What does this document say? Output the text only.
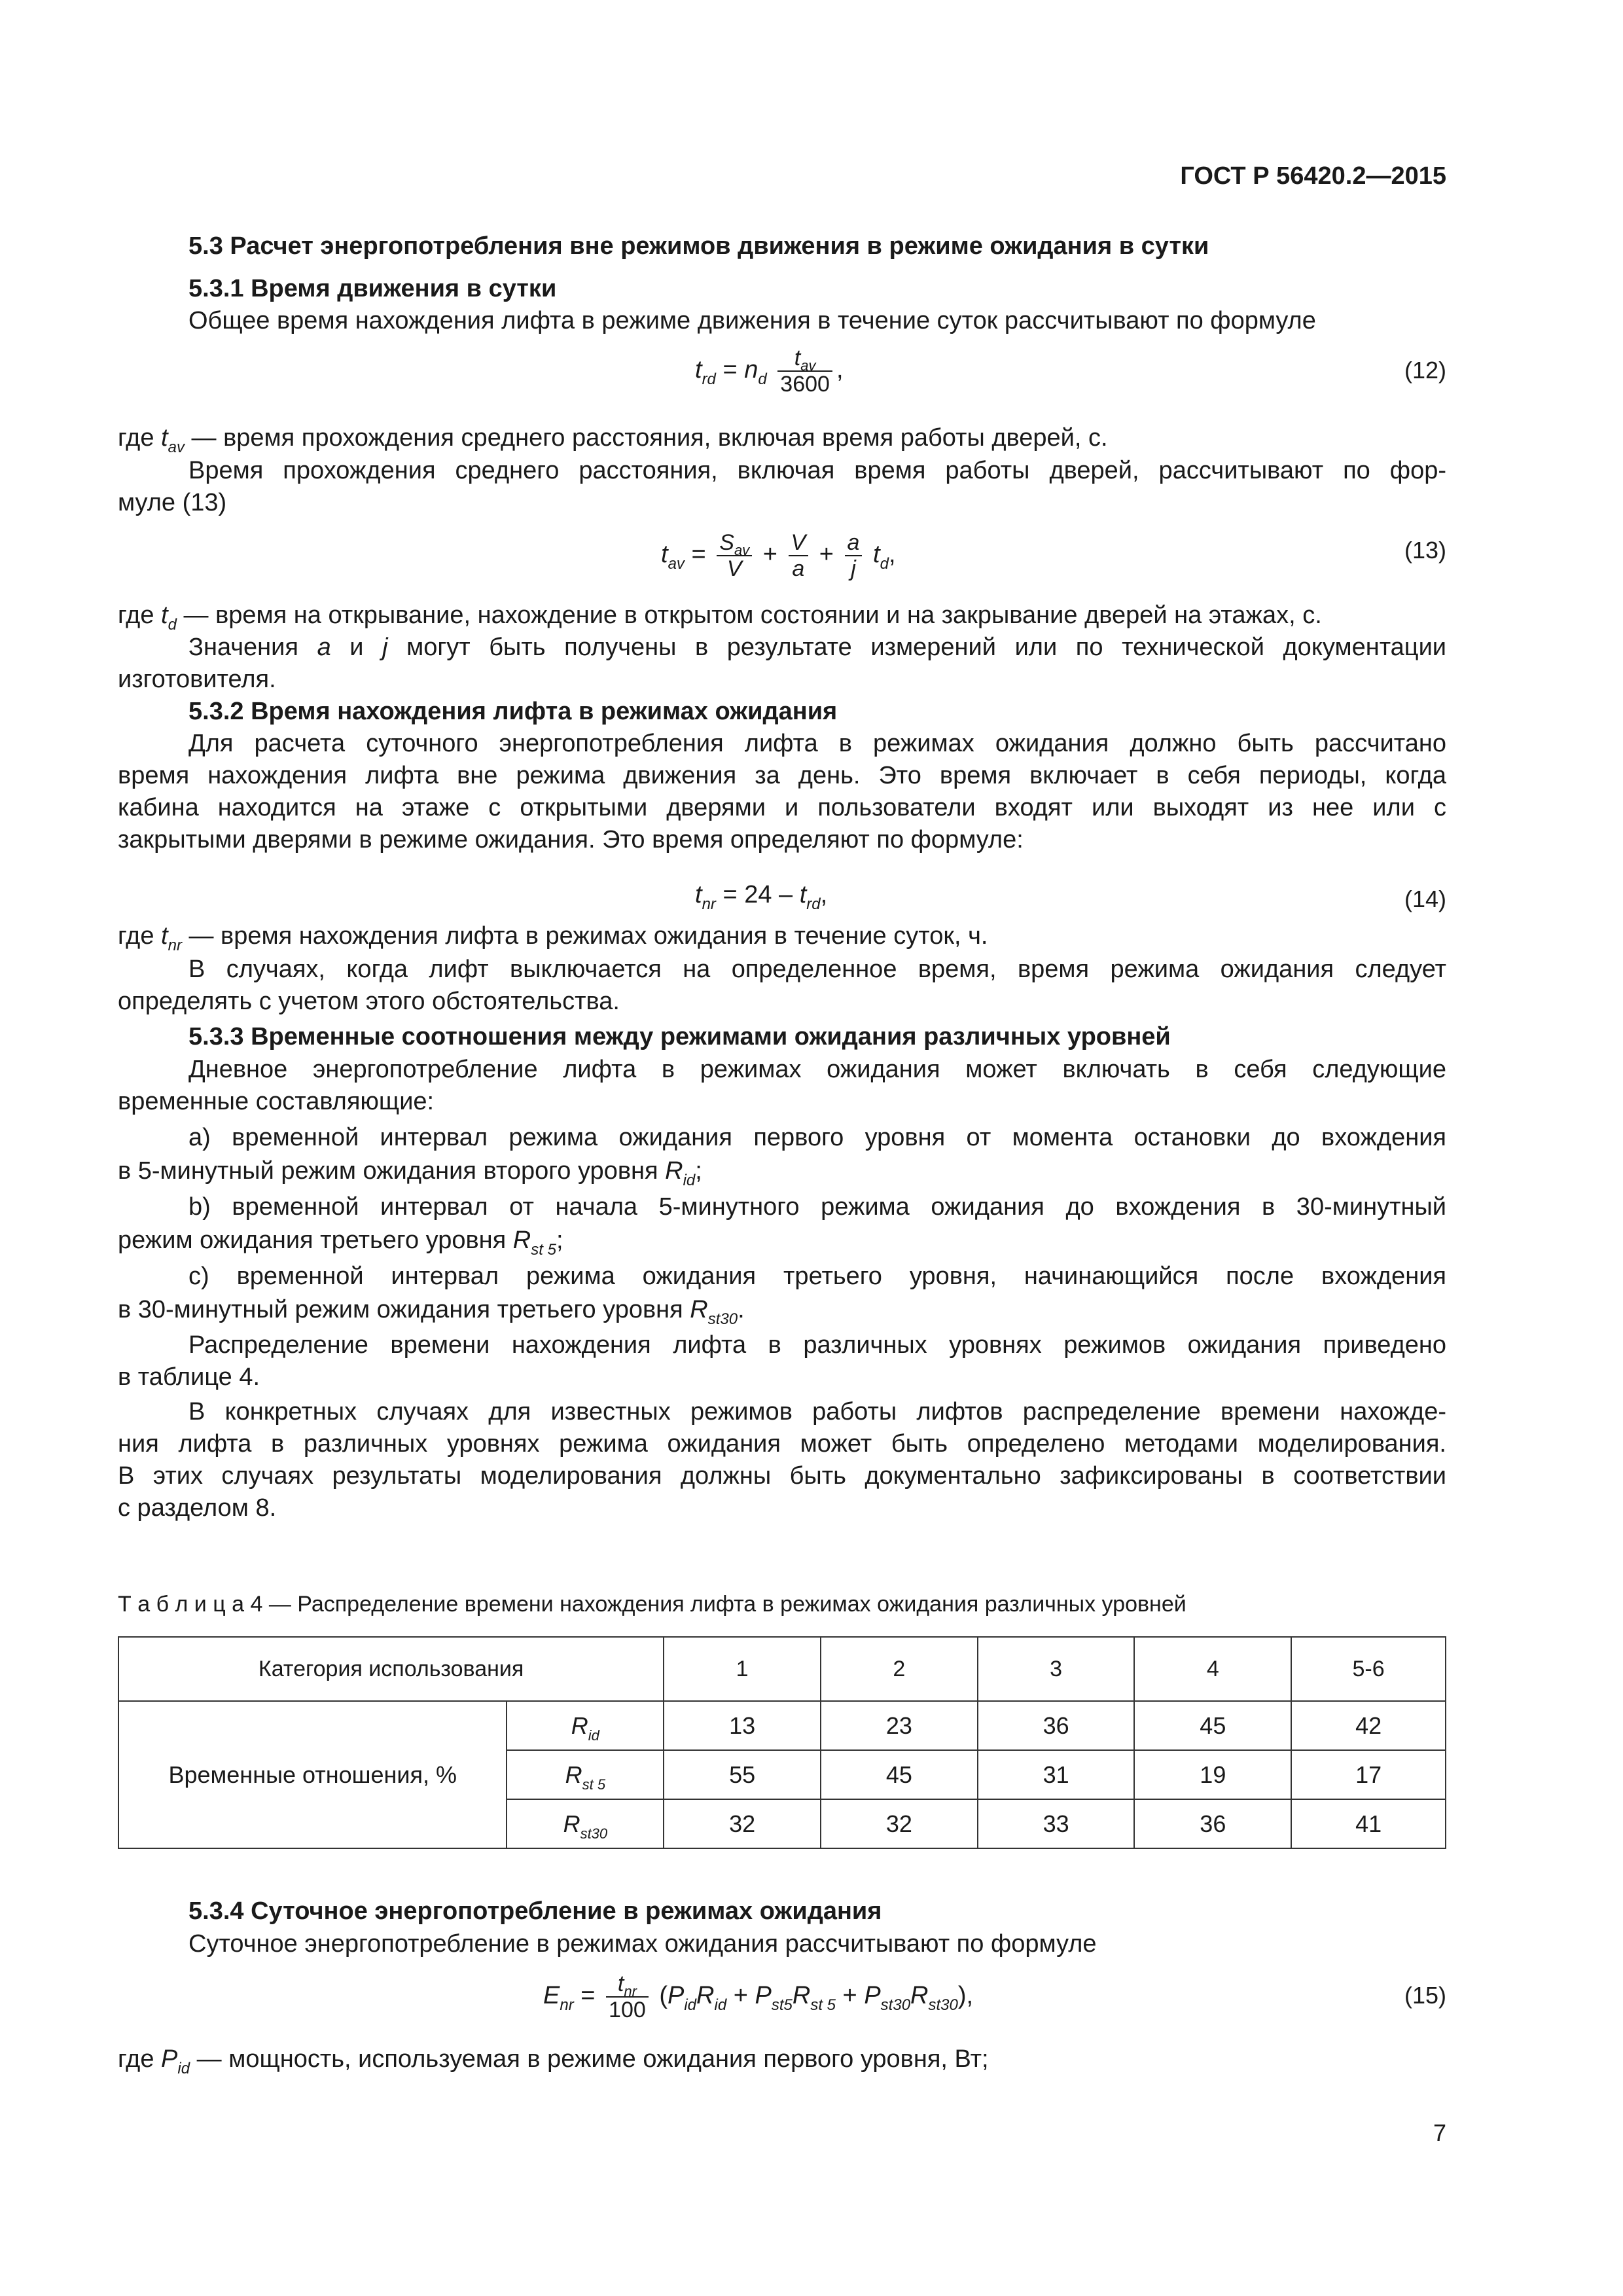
ГОСТ Р 56420.2—2015
5.3 Расчет энергопотребления вне режимов движения в режиме ожидания в сутки
5.3.1 Время движения в сутки
Общее время нахождения лифта в режиме движения в течение суток рассчитывают по формуле
$t_{rd} = n_d \frac{t_{av}}{3600}$ ,	(12)
где $t_{av}$ — время прохождения среднего расстояния, включая время работы дверей, с.
Время прохождения среднего расстояния, включая время работы дверей, рассчитывают по фор-
муле (13)
$t_{av} = \frac{S_{av}}{V} + \frac{V}{a} + \frac{a}{j} t_d$,	(13)
где $t_d$ — время на открывание, нахождение в открытом состоянии и на закрывание дверей на этажах, с.
Значения a и j могут быть получены в результате измерений или по технической документации
изготовителя.
5.3.2 Время нахождения лифта в режимах ожидания
Для расчета суточного энергопотребления лифта в режимах ожидания должно быть рассчитано
время нахождения лифта вне режима движения за день. Это время включает в себя периоды, когда
кабина находится на этаже с открытыми дверями и пользователи входят или выходят из нее или с
закрытыми дверями в режиме ожидания. Это время определяют по формуле:
$t_{nr} = 24 - t_{rd}$,	(14)
где $t_{nr}$ — время нахождения лифта в режимах ожидания в течение суток, ч.
В случаях, когда лифт выключается на определенное время, время режима ожидания следует
определять с учетом этого обстоятельства.
5.3.3 Временные соотношения между режимами ожидания различных уровней
Дневное энергопотребление лифта в режимах ожидания может включать в себя следующие
временные составляющие:
а) временной интервал режима ожидания первого уровня от момента остановки до вхождения
в 5-минутный режим ожидания второго уровня $R_{id}$;
b) временной интервал от начала 5-минутного режима ожидания до вхождения в 30-минутный
режим ожидания третьего уровня $R_{st 5}$;
с) временной интервал режима ожидания третьего уровня, начинающийся после вхождения
в 30-минутный режим ожидания третьего уровня $R_{st30}$.
Распределение времени нахождения лифта в различных уровнях режимов ожидания приведено
в таблице 4.
В конкретных случаях для известных режимов работы лифтов распределение времени нахожде-
ния лифта в различных уровнях режима ожидания может быть определено методами моделирования.
В этих случаях результаты моделирования должны быть документально зафиксированы в соответствии
с разделом 8.
Т а б л и ц а 4 — Распределение времени нахождения лифта в режимах ожидания различных уровней
Категория использования		1	2	3	4	5-6
Временные отношения, %	$R_{id}$	13	23	36	45	42
	$R_{st 5}$	55	45	31	19	17
	$R_{st30}$	32	32	33	36	41
5.3.4 Суточное энергопотребление в режимах ожидания
Суточное энергопотребление в режимах ожидания рассчитывают по формуле
$E_{nr} = \frac{t_{nr}}{100} (P_{id}R_{id} + P_{st5}R_{st 5} + P_{st30}R_{st30})$,	(15)
где $P_{id}$ — мощность, используемая в режиме ожидания первого уровня, Вт;
7
